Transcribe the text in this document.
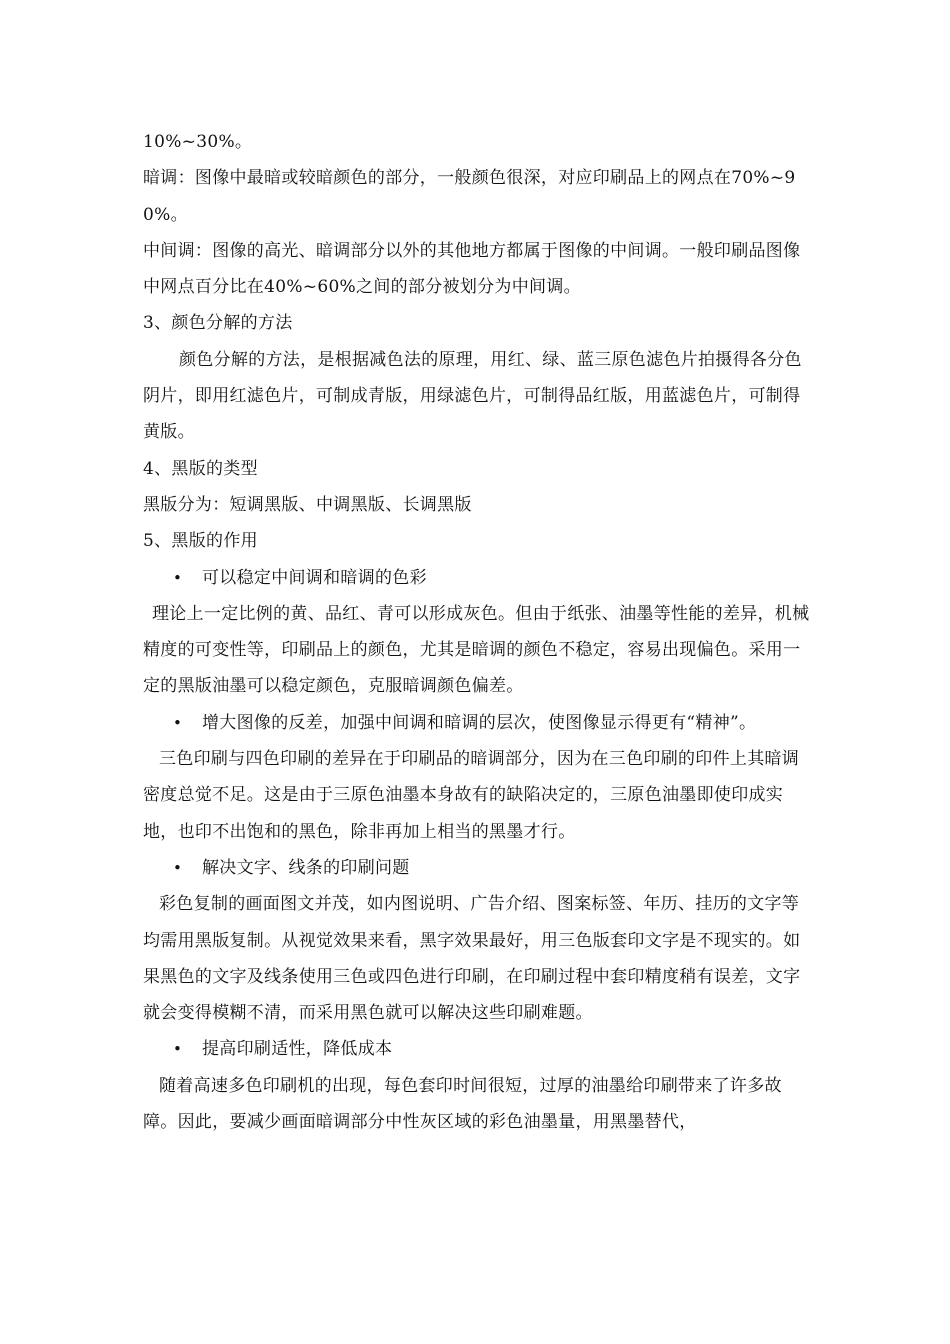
10%~30%。

暗调：图像中最暗或较暗颜色的部分，一般颜色很深，对应印刷品上的网点在70%~90%。

中间调：图像的高光、暗调部分以外的其他地方都属于图像的中间调。一般印刷品图像中网点百分比在40%~60%之间的部分被划分为中间调。

3、颜色分解的方法

颜色分解的方法，是根据减色法的原理，用红、绿、蓝三原色滤色片拍摄得各分色阴片，即用红滤色片，可制成青版，用绿滤色片，可制得品红版，用蓝滤色片，可制得黄版。

4、黑版的类型

黑版分为：短调黑版、中调黑版、长调黑版

5、黑版的作用

• 可以稳定中间调和暗调的色彩

理论上一定比例的黄、品红、青可以形成灰色。但由于纸张、油墨等性能的差异，机械精度的可变性等，印刷品上的颜色，尤其是暗调的颜色不稳定，容易出现偏色。采用一定的黑版油墨可以稳定颜色，克服暗调颜色偏差。

• 增大图像的反差，加强中间调和暗调的层次，使图像显示得更有“精神”。

三色印刷与四色印刷的差异在于印刷品的暗调部分，因为在三色印刷的印件上其暗调密度总觉不足。这是由于三原色油墨本身故有的缺陷决定的，三原色油墨即使印成实地，也印不出饱和的黑色，除非再加上相当的黑墨才行。

• 解决文字、线条的印刷问题

彩色复制的画面图文并茂，如内图说明、广告介绍、图案标签、年历、挂历的文字等均需用黑版复制。从视觉效果来看，黑字效果最好，用三色版套印文字是不现实的。如果黑色的文字及线条使用三色或四色进行印刷，在印刷过程中套印精度稍有误差，文字就会变得模糊不清，而采用黑色就可以解决这些印刷难题。

• 提高印刷适性，降低成本

随着高速多色印刷机的出现，每色套印时间很短，过厚的油墨给印刷带来了许多故障。因此，要减少画面暗调部分中性灰区域的彩色油墨量，用黑墨替代，
